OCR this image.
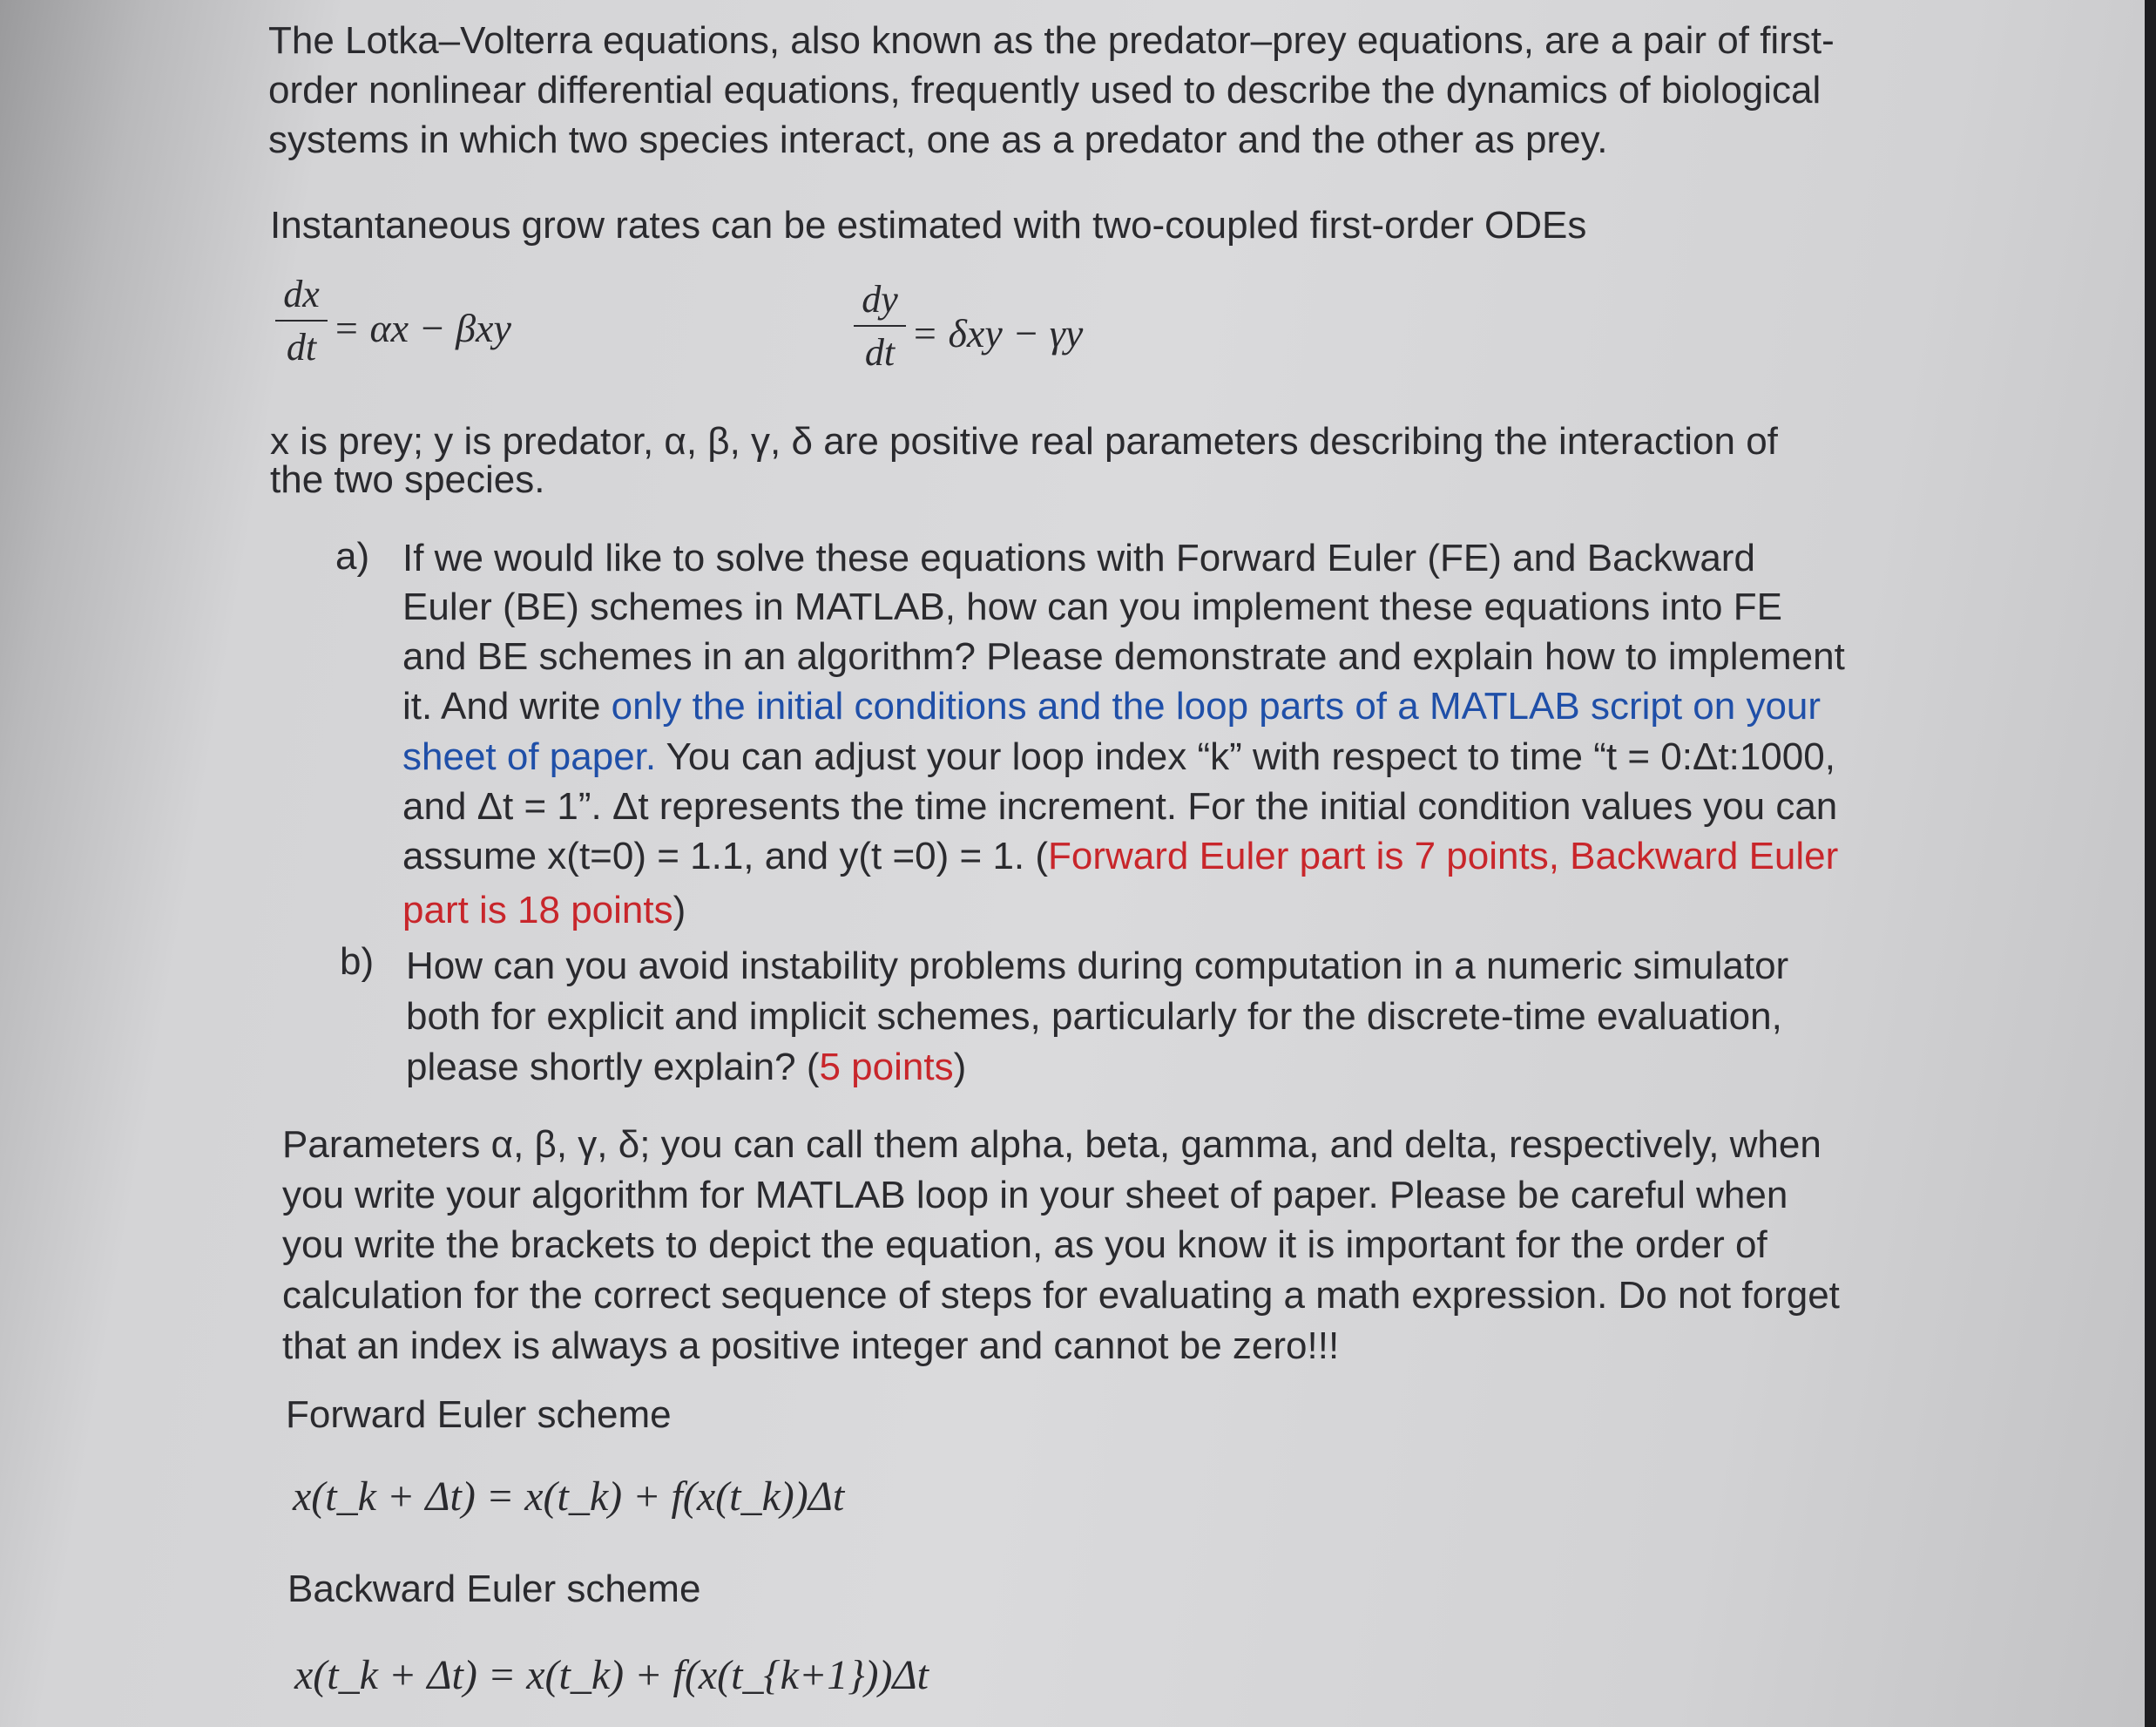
The Lotka–Volterra equations, also known as the predator–prey equations, are a pair of first-
order nonlinear differential equations, frequently used to describe the dynamics of biological
systems in which two species interact, one as a predator and the other as prey.
Instantaneous grow rates can be estimated with two-coupled first-order ODEs
$\frac{dx}{dt} = \alpha x - \beta xy$	$\frac{dy}{dt} = \delta xy - \gamma y$
x is prey; y is predator, α, β, γ, δ are positive real parameters describing the interaction of
the two species.
a) If we would like to solve these equations with Forward Euler (FE) and Backward
Euler (BE) schemes in MATLAB, how can you implement these equations into FE
and BE schemes in an algorithm? Please demonstrate and explain how to implement
it. And write only the initial conditions and the loop parts of a MATLAB script on your
sheet of paper. You can adjust your loop index “k” with respect to time “t = 0:Δt:1000,
and Δt = 1”. Δt represents the time increment. For the initial condition values you can
assume x(t=0) = 1.1, and y(t =0) = 1. (Forward Euler part is 7 points, Backward Euler
part is 18 points)
b) How can you avoid instability problems during computation in a numeric simulator
both for explicit and implicit schemes, particularly for the discrete-time evaluation,
please shortly explain? (5 points)
Parameters α, β, γ, δ; you can call them alpha, beta, gamma, and delta, respectively, when
you write your algorithm for MATLAB loop in your sheet of paper. Please be careful when
you write the brackets to depict the equation, as you know it is important for the order of
calculation for the correct sequence of steps for evaluating a math expression. Do not forget
that an index is always a positive integer and cannot be zero!!!
Forward Euler scheme
x(t_k + Δt) = x(t_k) + f(x(t_k))Δt
Backward Euler scheme
x(t_k + Δt) = x(t_k) + f(x(t_{k+1}))Δt
